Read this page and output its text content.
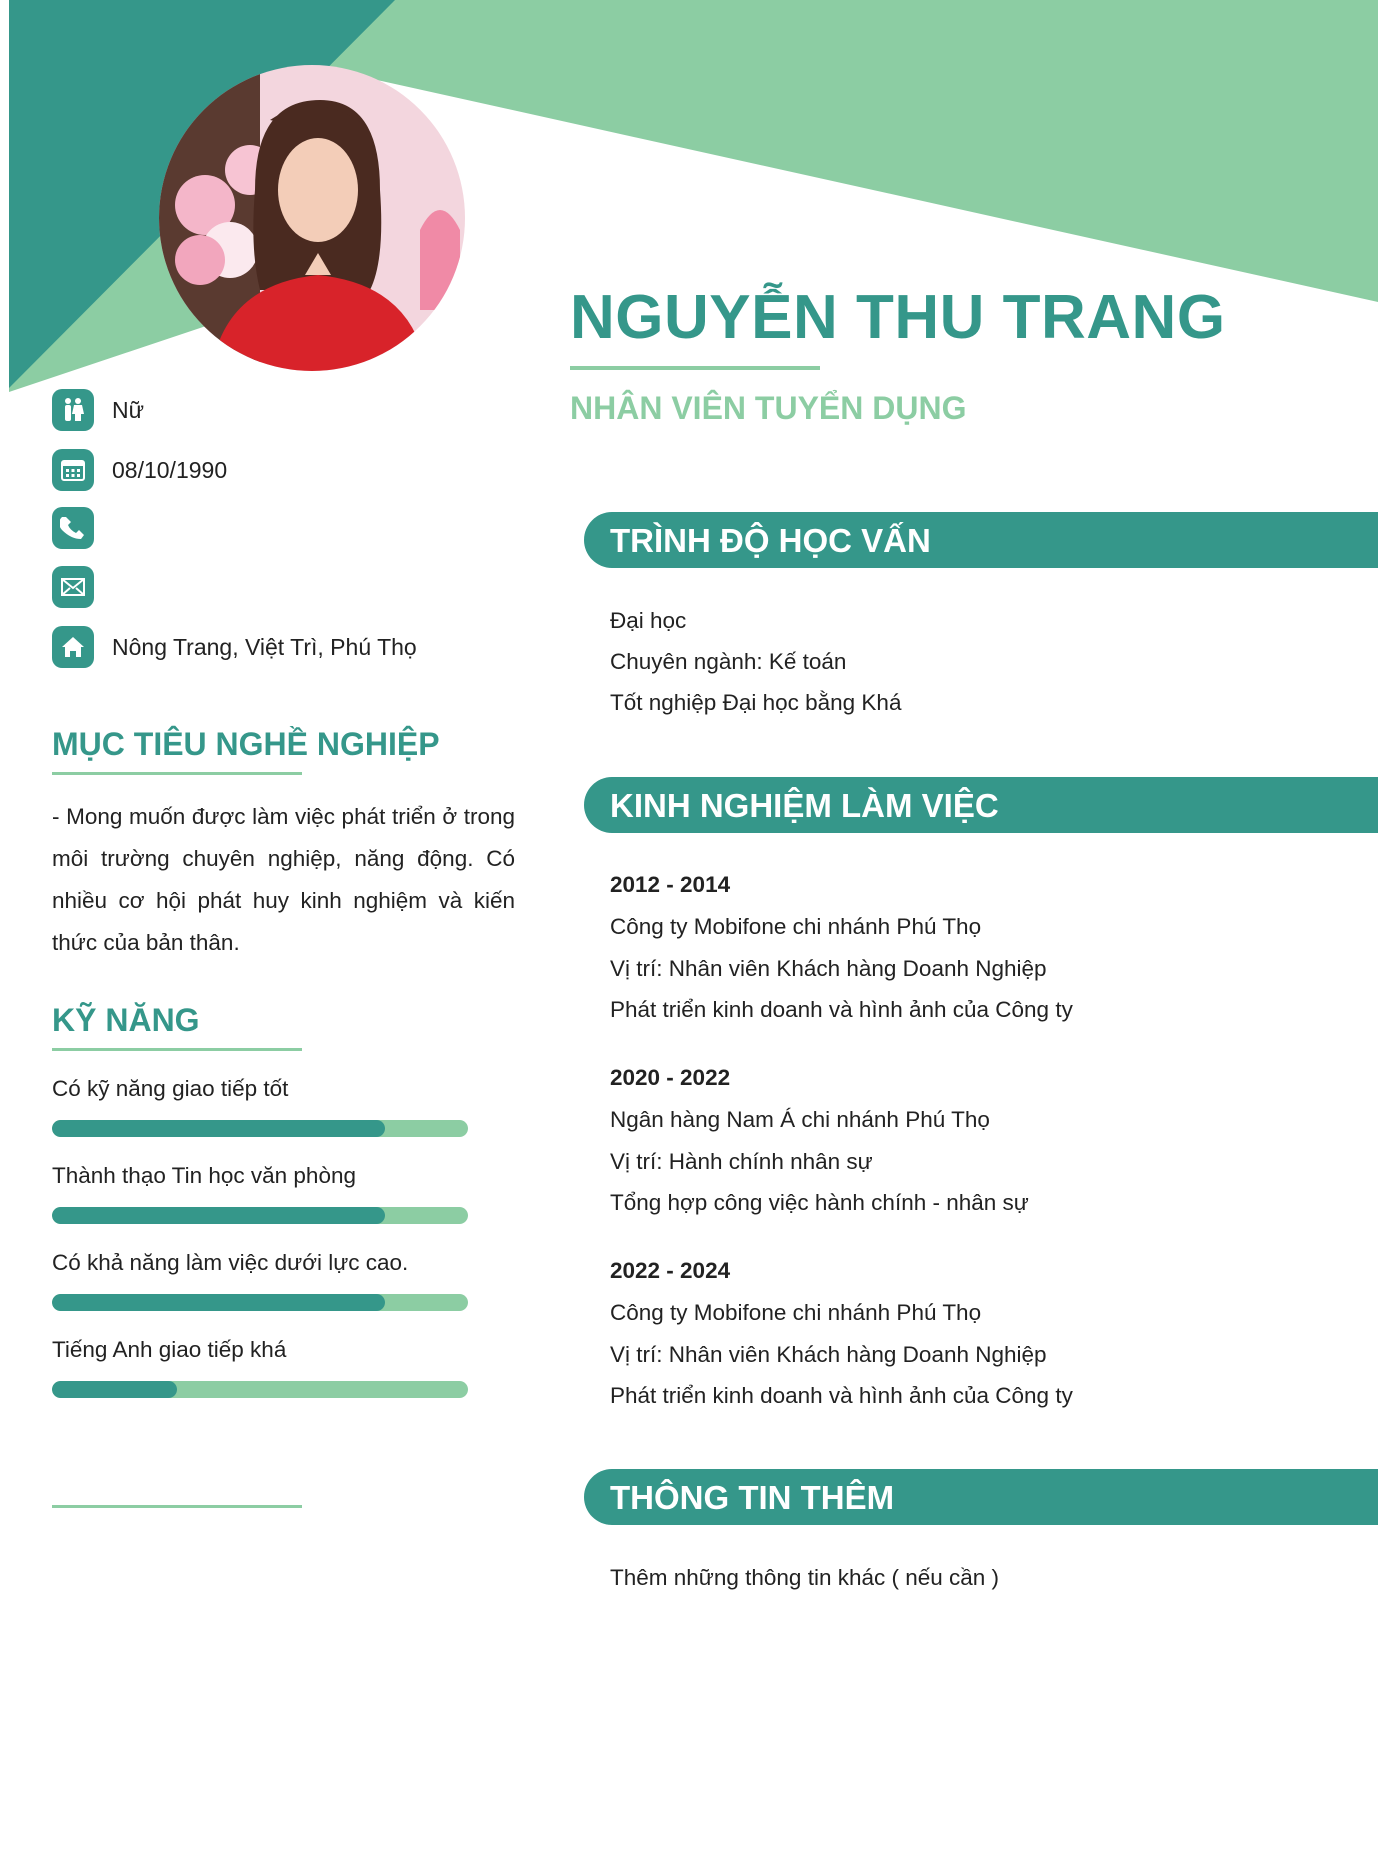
NGUYỄN THU TRANG
NHÂN VIÊN TUYỂN DỤNG
Nữ
08/10/1990
Nông Trang, Việt Trì, Phú Thọ
MỤC TIÊU NGHỀ NGHIỆP
- Mong muốn được làm việc phát triển ở trong môi trường chuyên nghiệp, năng động. Có nhiều cơ hội phát huy kinh nghiệm và kiến thức của bản thân.
KỸ NĂNG
Có kỹ năng giao tiếp tốt
Thành thạo Tin học văn phòng
Có khả năng làm việc dưới lực cao.
Tiếng Anh giao tiếp khá
TRÌNH ĐỘ HỌC VẤN
Đại học
Chuyên ngành: Kế toán
Tốt nghiệp Đại học bằng Khá
KINH NGHIỆM LÀM VIỆC
2012 - 2014
Công ty Mobifone chi nhánh Phú Thọ
Vị trí: Nhân viên Khách hàng Doanh Nghiệp
Phát triển kinh doanh và hình ảnh của Công ty
2020 - 2022
Ngân hàng Nam Á chi nhánh Phú Thọ
Vị trí: Hành chính nhân sự
Tổng hợp công việc hành chính - nhân sự
2022 - 2024
Công ty Mobifone chi nhánh Phú Thọ
Vị trí: Nhân viên Khách hàng Doanh Nghiệp
Phát triển kinh doanh và hình ảnh của Công ty
THÔNG TIN THÊM
Thêm những thông tin khác ( nếu cần )
